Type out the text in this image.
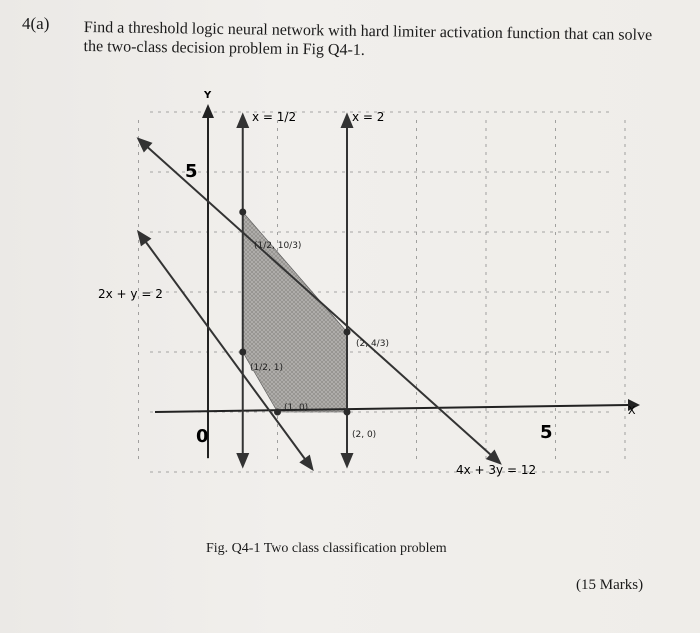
4(a) Find a threshold logic neural network with hard limiter activation function that can solve the two-class decision problem in Fig Q4-1.
Y
X
0
5
5
x = 1/2	x = 2
2x + y = 2
4x + 3y = 12
(1/2, 10/3)
(2, 4/3)
(2, 0)
(1, 0)
(1/2, 1)
Fig. Q4-1 Two class classification problem
(15 Marks)
